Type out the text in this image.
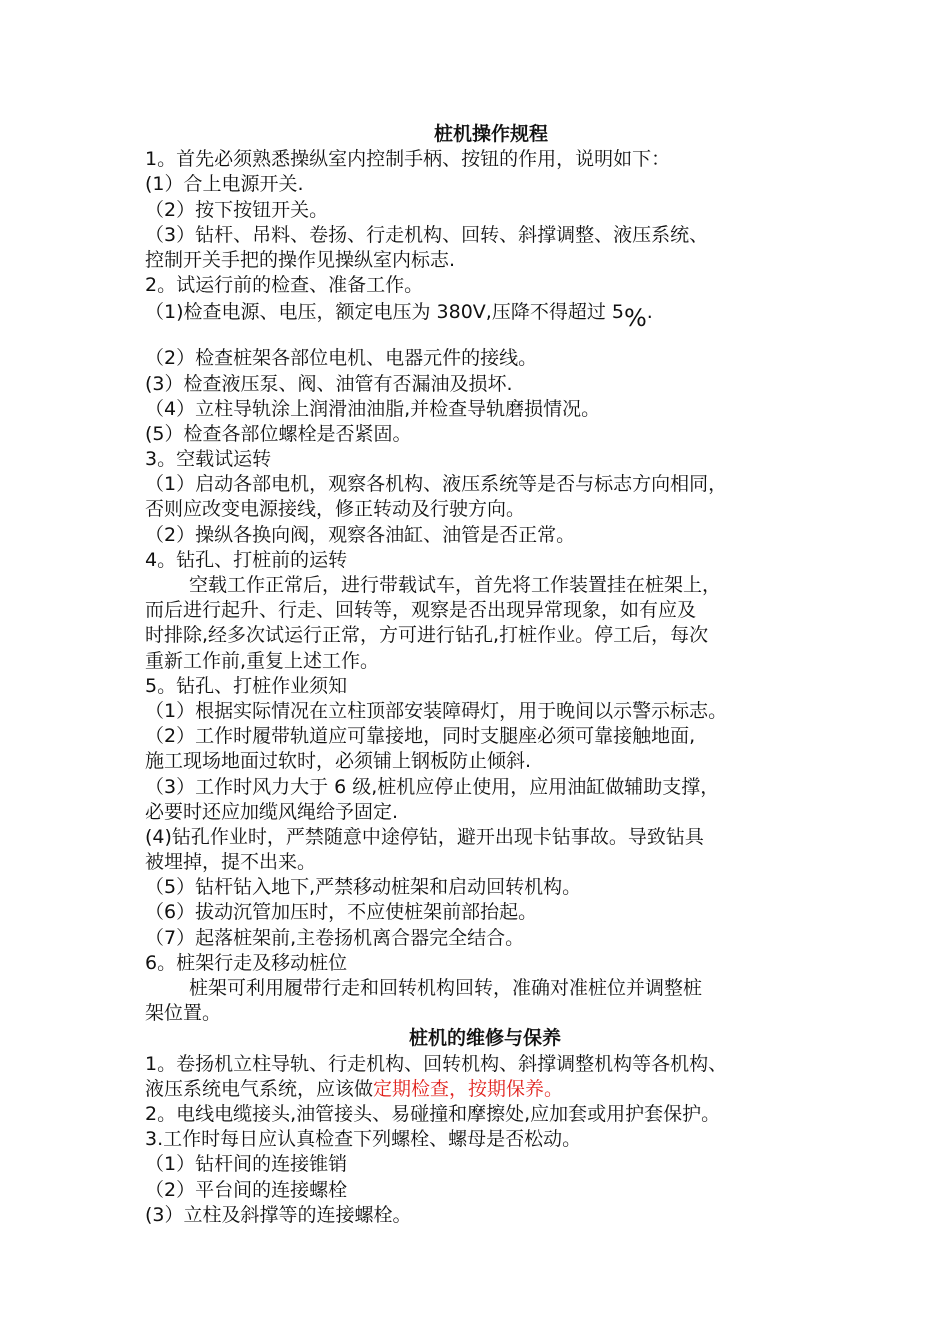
桩机操作规程

1。首先必须熟悉操纵室内控制手柄、按钮的作用，说明如下：

(1）合上电源开关.

（2）按下按钮开关。

（3）钻杆、吊料、卷扬、行走机构、回转、斜撑调整、液压系统、

控制开关手把的操作见操纵室内标志.

2。试运行前的检查、准备工作。

（1)检查电源、电压，额定电压为 380V,压降不得超过 5%.

（2）检查桩架各部位电机、电器元件的接线。

(3）检查液压泵、阀、油管有否漏油及损坏.

（4）立柱导轨涂上润滑油油脂,并检查导轨磨损情况。

(5）检查各部位螺栓是否紧固。

3。空载试运转

（1）启动各部电机，观察各机构、液压系统等是否与标志方向相同，

否则应改变电源接线，修正转动及行驶方向。

（2）操纵各换向阀，观察各油缸、油管是否正常。

4。钻孔、打桩前的运转

空载工作正常后，进行带载试车，首先将工作装置挂在桩架上，

而后进行起升、行走、回转等，观察是否出现异常现象，如有应及

时排除,经多次试运行正常，方可进行钻孔,打桩作业。停工后，每次

重新工作前,重复上述工作。

5。钻孔、打桩作业须知

（1）根据实际情况在立柱顶部安装障碍灯，用于晚间以示警示标志。

（2）工作时履带轨道应可靠接地，同时支腿座必须可靠接触地面,

施工现场地面过软时，必须铺上钢板防止倾斜.

（3）工作时风力大于 6 级,桩机应停止使用，应用油缸做辅助支撑，

必要时还应加缆风绳给予固定.

(4)钻孔作业时，严禁随意中途停钻，避开出现卡钻事故。导致钻具

被埋掉，提不出来。

（5）钻杆钻入地下,严禁移动桩架和启动回转机构。

（6）拔动沉管加压时，不应使桩架前部抬起。

（7）起落桩架前,主卷扬机离合器完全结合。

6。桩架行走及移动桩位

桩架可利用履带行走和回转机构回转，准确对准桩位并调整桩

架位置。

桩机的维修与保养

1。卷扬机立柱导轨、行走机构、回转机构、斜撑调整机构等各机构、

液压系统电气系统，应该做定期检查，按期保养。

2。电线电缆接头,油管接头、易碰撞和摩擦处,应加套或用护套保护。

3.工作时每日应认真检查下列螺栓、螺母是否松动。

（1）钻杆间的连接锥销

（2）平台间的连接螺栓

(3）立柱及斜撑等的连接螺栓。
